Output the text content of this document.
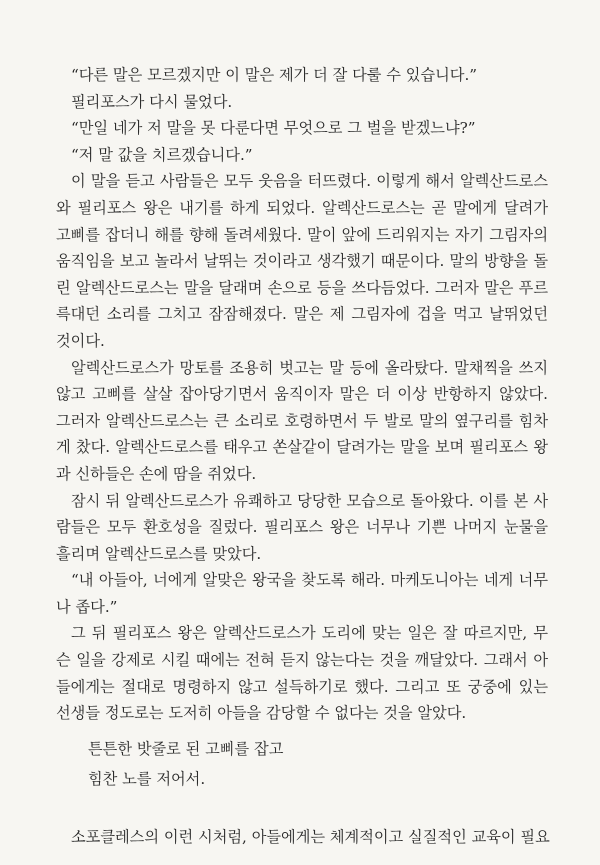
“다른 말은 모르겠지만 이 말은 제가 더 잘 다룰 수 있습니다.”

필리포스가 다시 물었다.

“만일 네가 저 말을 못 다룬다면 무엇으로 그 벌을 받겠느냐?”

“저 말 값을 치르겠습니다.”

이 말을 듣고 사람들은 모두 웃음을 터뜨렸다. 이렇게 해서 알렉산드로스와 필리포스 왕은 내기를 하게 되었다. 알렉산드로스는 곧 말에게 달려가 고삐를 잡더니 해를 향해 돌려세웠다. 말이 앞에 드리워지는 자기 그림자의 움직임을 보고 놀라서 날뛰는 것이라고 생각했기 때문이다. 말의 방향을 돌린 알렉산드로스는 말을 달래며 손으로 등을 쓰다듬었다. 그러자 말은 푸르륵대던 소리를 그치고 잠잠해졌다. 말은 제 그림자에 겁을 먹고 날뛰었던 것이다.

알렉산드로스가 망토를 조용히 벗고는 말 등에 올라탔다. 말채찍을 쓰지 않고 고삐를 살살 잡아당기면서 움직이자 말은 더 이상 반항하지 않았다. 그러자 알렉산드로스는 큰 소리로 호령하면서 두 발로 말의 옆구리를 힘차게 찼다. 알렉산드로스를 태우고 쏜살같이 달려가는 말을 보며 필리포스 왕과 신하들은 손에 땀을 쥐었다.

잠시 뒤 알렉산드로스가 유쾌하고 당당한 모습으로 돌아왔다. 이를 본 사람들은 모두 환호성을 질렀다. 필리포스 왕은 너무나 기쁜 나머지 눈물을 흘리며 알렉산드로스를 맞았다.

“내 아들아, 너에게 알맞은 왕국을 찾도록 해라. 마케도니아는 네게 너무 나 좁다.”

그 뒤 필리포스 왕은 알렉산드로스가 도리에 맞는 일은 잘 따르지만, 무슨 일을 강제로 시킬 때에는 전혀 듣지 않는다는 것을 깨달았다. 그래서 아들에게는 절대로 명령하지 않고 설득하기로 했다. 그리고 또 궁중에 있는 선생들 정도로는 도저히 아들을 감당할 수 없다는 것을 알았다.

튼튼한 밧줄로 된 고삐를 잡고
힘찬 노를 저어서.
소포클레스의 이런 시처럼, 아들에게는 체계적이고 실질적인 교육이 필요
